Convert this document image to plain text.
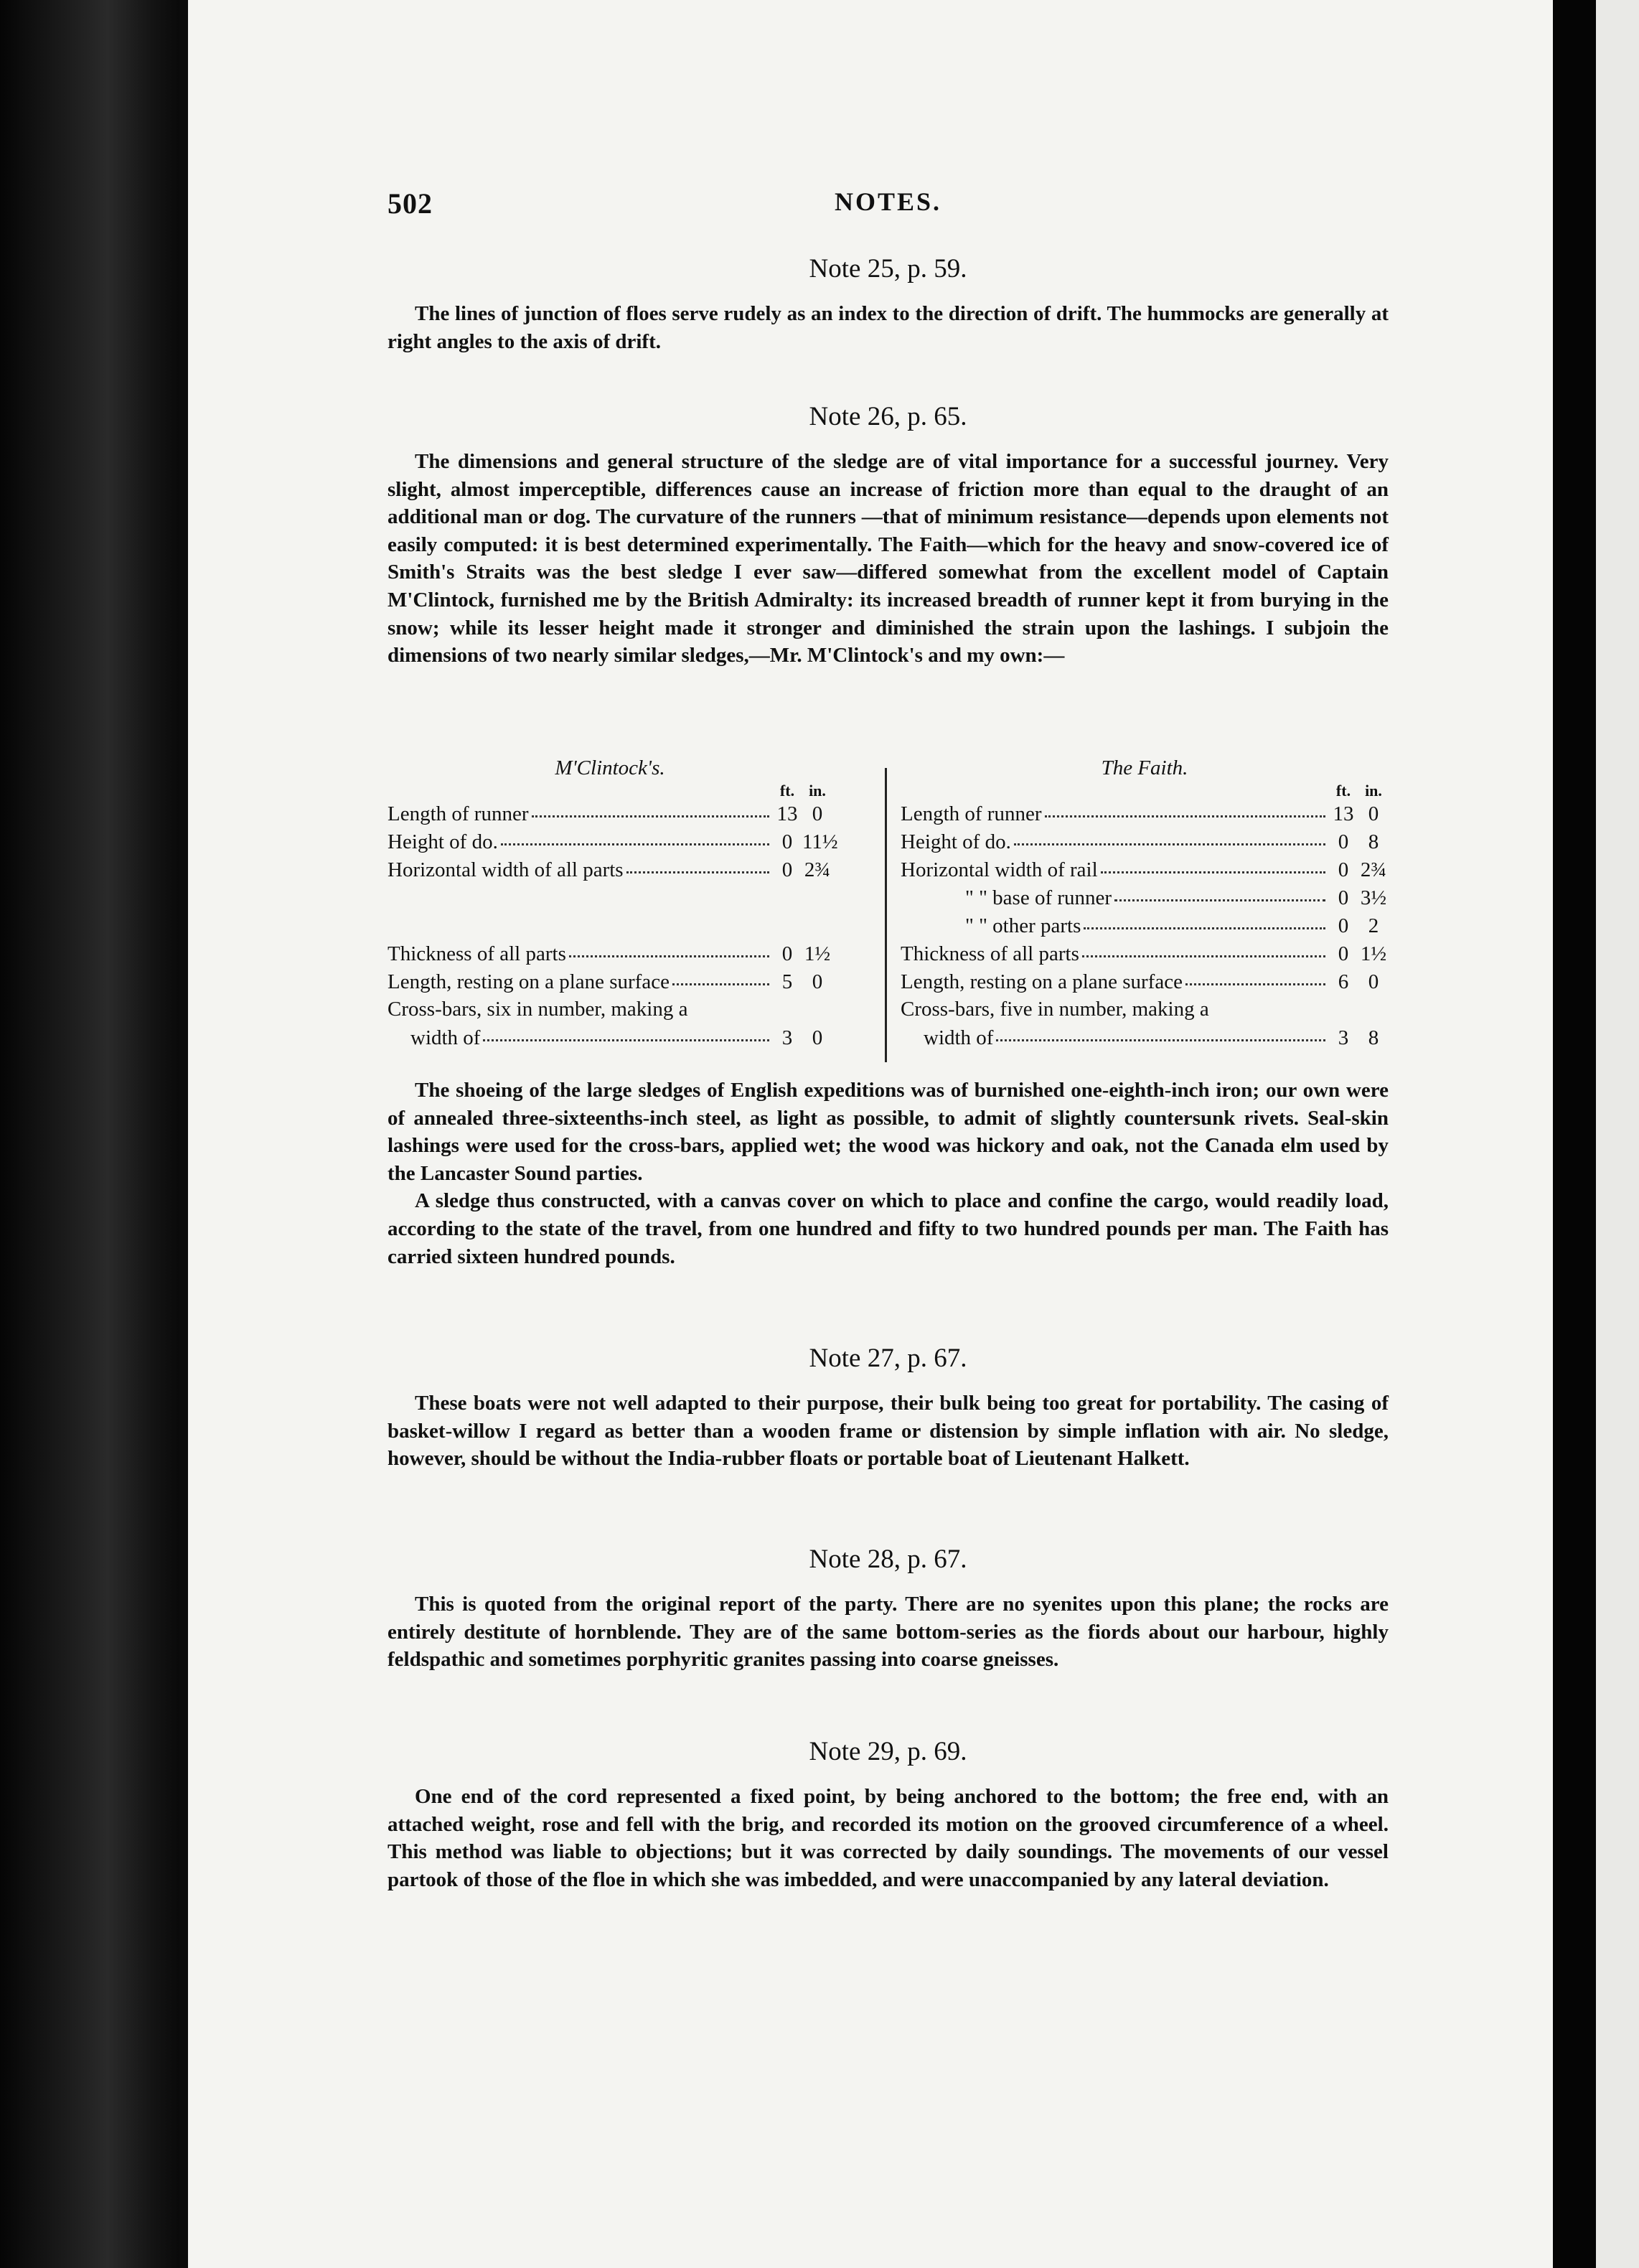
NOTES.
502
Note 25, p. 59.

The lines of junction of floes serve rudely as an index to the direction of drift. The hummocks are generally at right angles to the axis of drift.

Note 26, p. 65.

The dimensions and general structure of the sledge are of vital importance for a successful journey. Very slight, almost imperceptible, differences cause an increase of friction more than equal to the draught of an additional man or dog. The curvature of the runners —that of minimum resistance—depends upon elements not easily computed: it is best determined experimentally. The Faith—which for the heavy and snow-covered ice of Smith's Straits was the best sledge I ever saw—differed somewhat from the excellent model of Captain M'Clintock, furnished me by the British Admiralty: its increased breadth of runner kept it from burying in the snow; while its lesser height made it stronger and diminished the strain upon the lashings. I subjoin the dimensions of two nearly similar sledges,—Mr. M'Clintock's and my own:—

M'Clintock's.
ft. in.
Length of runner	13 0
Height of do.	0 11½
Horizontal width of all parts	0 2¾
Thickness of all parts	0 1½
Length, resting on a plane surface	5 0
Cross-bars, six in number, making a
width of	3 0
The Faith.
ft. in.
Length of runner	13 0
Height of do.	0 8
Horizontal width of rail	0 2¾
" " base of runner	0 3½
" " other parts	0 2
Thickness of all parts	0 1½
Length, resting on a plane surface	6 0
Cross-bars, five in number, making a
width of	3 8

The shoeing of the large sledges of English expeditions was of burnished one-eighth-inch iron; our own were of annealed three-sixteenths-inch steel, as light as possible, to admit of slightly countersunk rivets. Seal-skin lashings were used for the cross-bars, applied wet; the wood was hickory and oak, not the Canada elm used by the Lancaster Sound parties.

A sledge thus constructed, with a canvas cover on which to place and confine the cargo, would readily load, according to the state of the travel, from one hundred and fifty to two hundred pounds per man. The Faith has carried sixteen hundred pounds.

Note 27, p. 67.

These boats were not well adapted to their purpose, their bulk being too great for portability. The casing of basket-willow I regard as better than a wooden frame or distension by simple inflation with air. No sledge, however, should be without the India-rubber floats or portable boat of Lieutenant Halkett.

Note 28, p. 67.

This is quoted from the original report of the party. There are no syenites upon this plane; the rocks are entirely destitute of hornblende. They are of the same bottom-series as the fiords about our harbour, highly feldspathic and sometimes porphyritic granites passing into coarse gneisses.

Note 29, p. 69.

One end of the cord represented a fixed point, by being anchored to the bottom; the free end, with an attached weight, rose and fell with the brig, and recorded its motion on the grooved circumference of a wheel. This method was liable to objections; but it was corrected by daily soundings. The movements of our vessel partook of those of the floe in which she was imbedded, and were unaccompanied by any lateral deviation.
